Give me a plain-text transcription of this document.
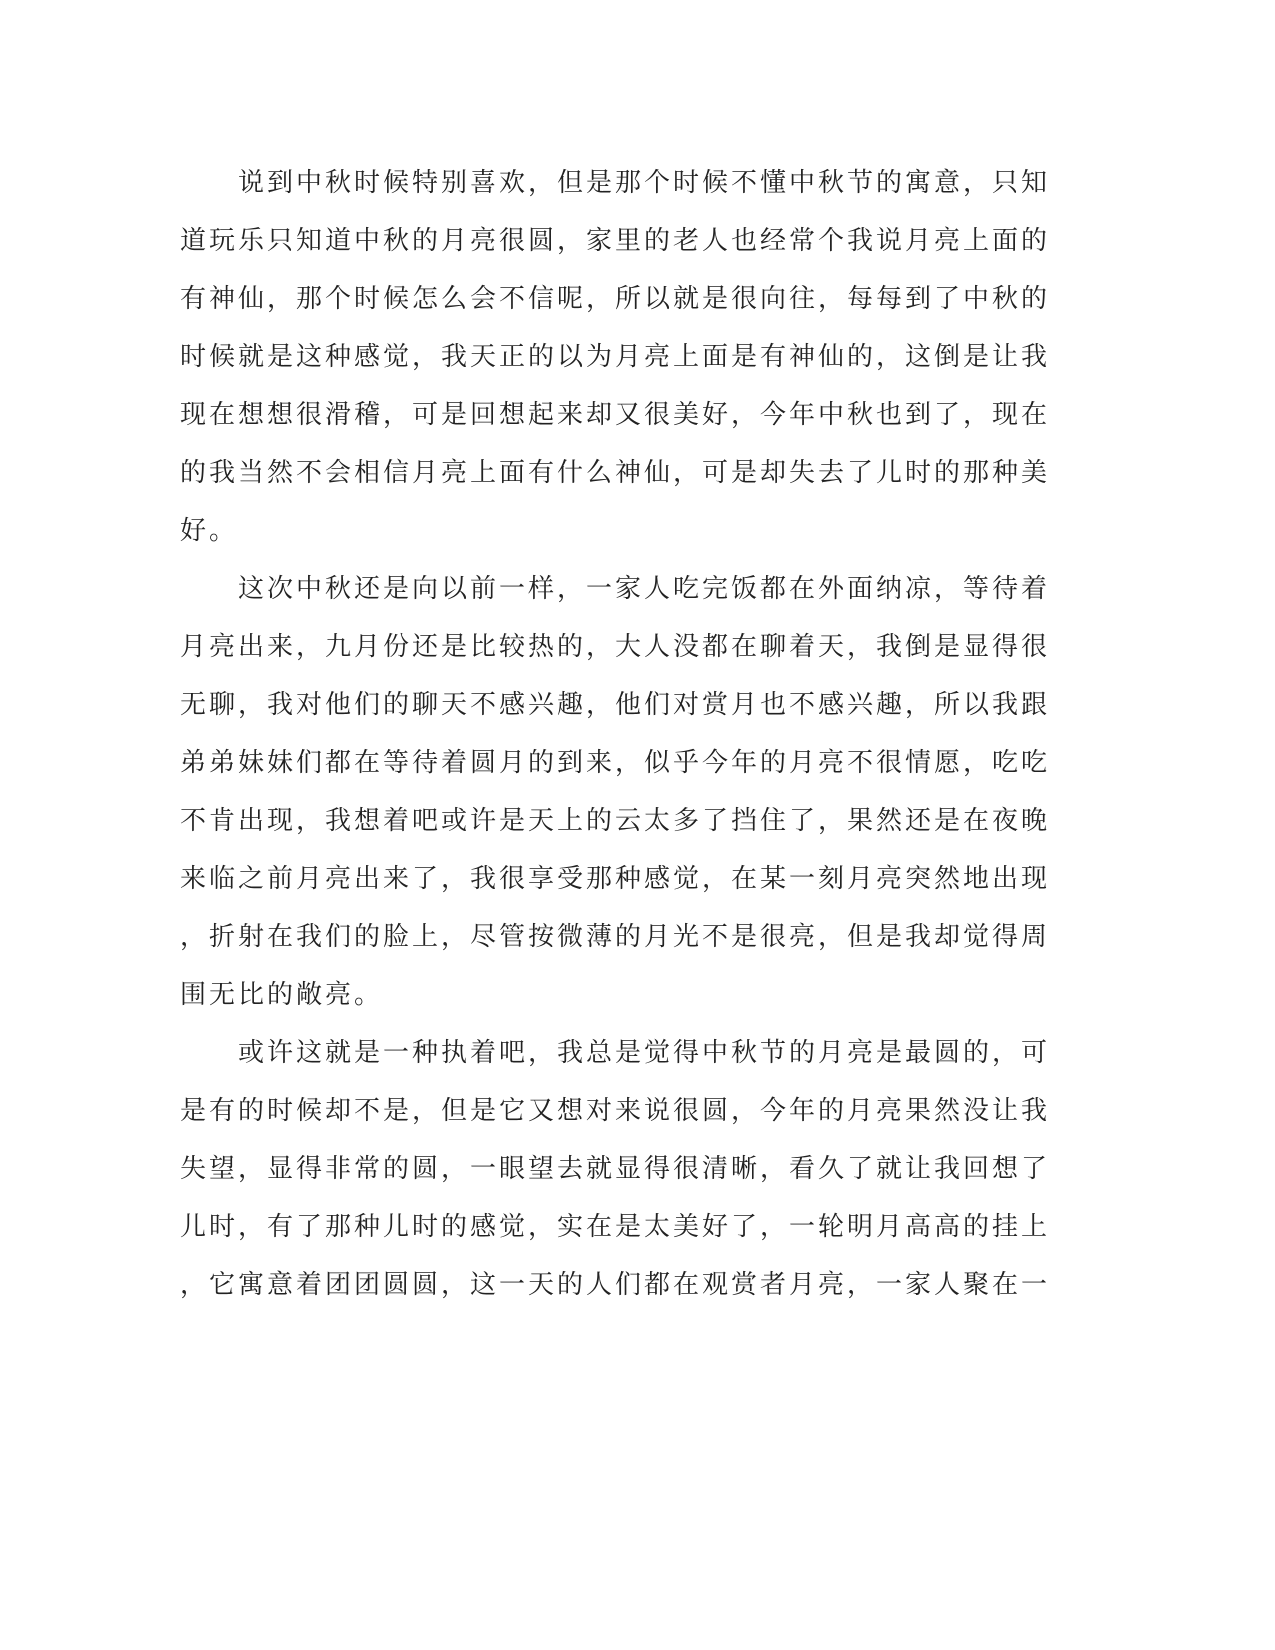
　　说到中秋时候特别喜欢，但是那个时候不懂中秋节的寓意，只知
道玩乐只知道中秋的月亮很圆，家里的老人也经常个我说月亮上面的
有神仙，那个时候怎么会不信呢，所以就是很向往，每每到了中秋的
时候就是这种感觉，我天正的以为月亮上面是有神仙的，这倒是让我
现在想想很滑稽，可是回想起来却又很美好，今年中秋也到了，现在
的我当然不会相信月亮上面有什么神仙，可是却失去了儿时的那种美
好。
　　这次中秋还是向以前一样，一家人吃完饭都在外面纳凉，等待着
月亮出来，九月份还是比较热的，大人没都在聊着天，我倒是显得很
无聊，我对他们的聊天不感兴趣，他们对赏月也不感兴趣，所以我跟
弟弟妹妹们都在等待着圆月的到来，似乎今年的月亮不很情愿，吃吃
不肯出现，我想着吧或许是天上的云太多了挡住了，果然还是在夜晚
来临之前月亮出来了，我很享受那种感觉，在某一刻月亮突然地出现
，折射在我们的脸上，尽管按微薄的月光不是很亮，但是我却觉得周
围无比的敞亮。
　　或许这就是一种执着吧，我总是觉得中秋节的月亮是最圆的，可
是有的时候却不是，但是它又想对来说很圆，今年的月亮果然没让我
失望，显得非常的圆，一眼望去就显得很清晰，看久了就让我回想了
儿时，有了那种儿时的感觉，实在是太美好了，一轮明月高高的挂上
，它寓意着团团圆圆，这一天的人们都在观赏者月亮，一家人聚在一
